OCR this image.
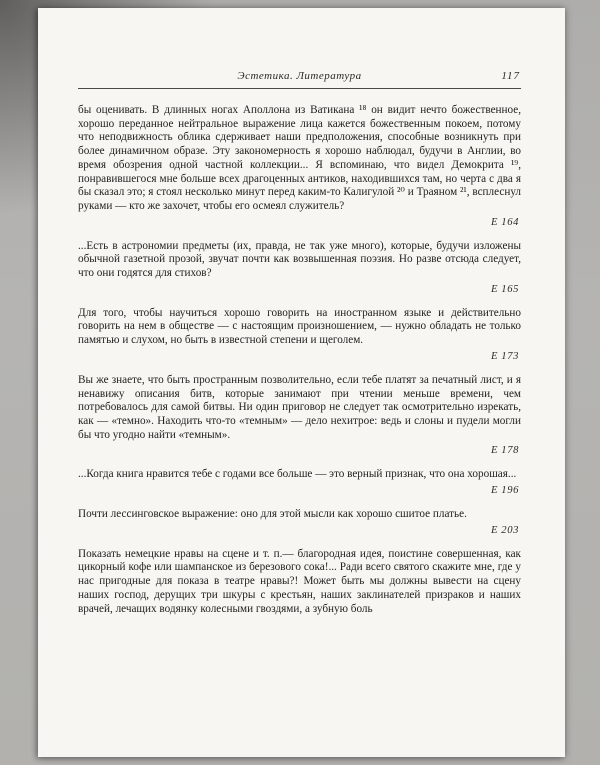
Эстетика. Литература	117

бы оценивать. В длинных ногах Аполлона из Ватикана ¹⁸ он видит нечто божественное, хорошо переданное нейтральное выражение лица кажется божественным покоем, потому что неподвижность облика сдерживает наши предположения, способные возникнуть при более динамичном образе. Эту закономерность я хорошо наблюдал, будучи в Англии, во время обозрения одной частной коллекции... Я вспоминаю, что видел Демокрита ¹⁹, понравившегося мне больше всех драгоценных антиков, находившихся там, но черта с два я бы сказал это; я стоял несколько минут перед каким-то Калигулой ²⁰ и Траяном ²¹, всплеснул руками — кто же захочет, чтобы его осмеял служитель?

Е 164

...Есть в астрономии предметы (их, правда, не так уже много), которые, будучи изложены обычной газетной прозой, звучат почти как возвышенная поэзия. Но разве отсюда следует, что они годятся для стихов?

Е 165

Для того, чтобы научиться хорошо говорить на иностранном языке и действительно говорить на нем в обществе — с настоящим произношением, — нужно обладать не только памятью и слухом, но быть в известной степени и щеголем.

Е 173

Вы же знаете, что быть пространным позволительно, если тебе платят за печатный лист, и я ненавижу описания битв, которые занимают при чтении меньше времени, чем потребовалось для самой битвы. Ни один приговор не следует так осмотрительно изрекать, как — «темно». Находить что-то «темным» — дело нехитрое: ведь и слоны и пудели могли бы что угодно найти «темным».

Е 178

...Когда книга нравится тебе с годами все больше — это верный признак, что она хорошая...

Е 196

Почти лессинговское выражение: оно для этой мысли как хорошо сшитое платье.

Е 203

Показать немецкие нравы на сцене и т. п.— благородная идея, поистине совершенная, как цикорный кофе или шампанское из березового сока!... Ради всего святого скажите мне, где у нас пригодные для показа в театре нравы?! Может быть мы должны вывести на сцену наших господ, дерущих три шкуры с крестьян, наших заклинателей призраков и наших врачей, лечащих водянку колесными гвоздями, а зубную боль
